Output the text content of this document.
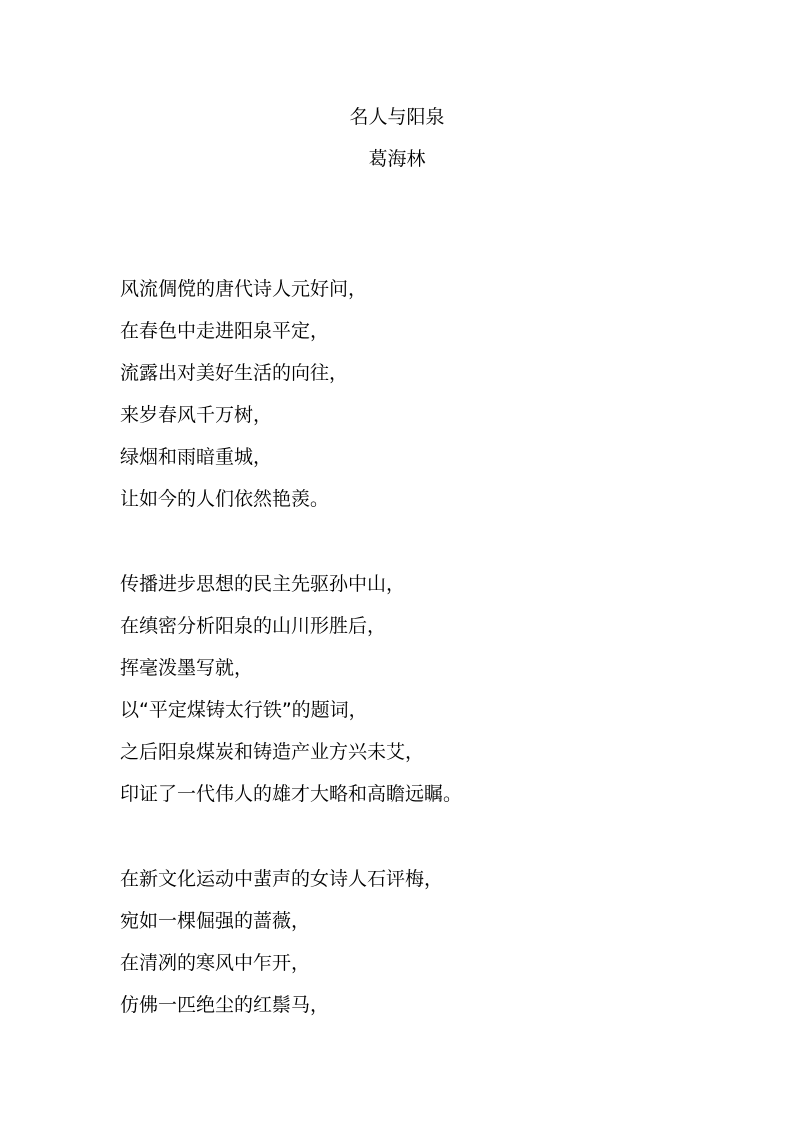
名人与阳泉
葛海林
风流倜傥的唐代诗人元好问，
在春色中走进阳泉平定，
流露出对美好生活的向往，
来岁春风千万树，
绿烟和雨暗重城，
让如今的人们依然艳羡。
传播进步思想的民主先驱孙中山，
在缜密分析阳泉的山川形胜后，
挥毫泼墨写就，
以“平定煤铸太行铁”的题词，
之后阳泉煤炭和铸造产业方兴未艾，
印证了一代伟人的雄才大略和高瞻远瞩。
在新文化运动中蜚声的女诗人石评梅，
宛如一棵倔强的蔷薇，
在清冽的寒风中乍开，
仿佛一匹绝尘的红鬃马，
